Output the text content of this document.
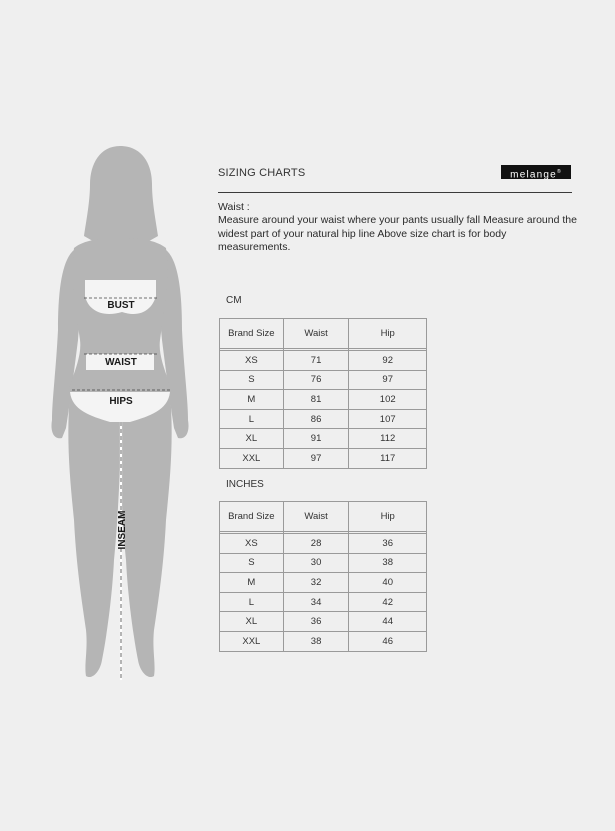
BUST
WAIST
HIPS
INSEAM
SIZING CHARTS	melange®

Waist :

Measure around your waist where your pants usually fall Measure around the widest part of your natural hip line Above size chart is for body measurements.

CM
Brand Size	Waist	Hip

XS	71	92
S	76	97
M	81	102
L	86	107
XL	91	112
XXL	97	117
INCHES
Brand Size	Waist	Hip

XS	28	36
S	30	38
M	32	40
L	34	42
XL	36	44
XXL	38	46
